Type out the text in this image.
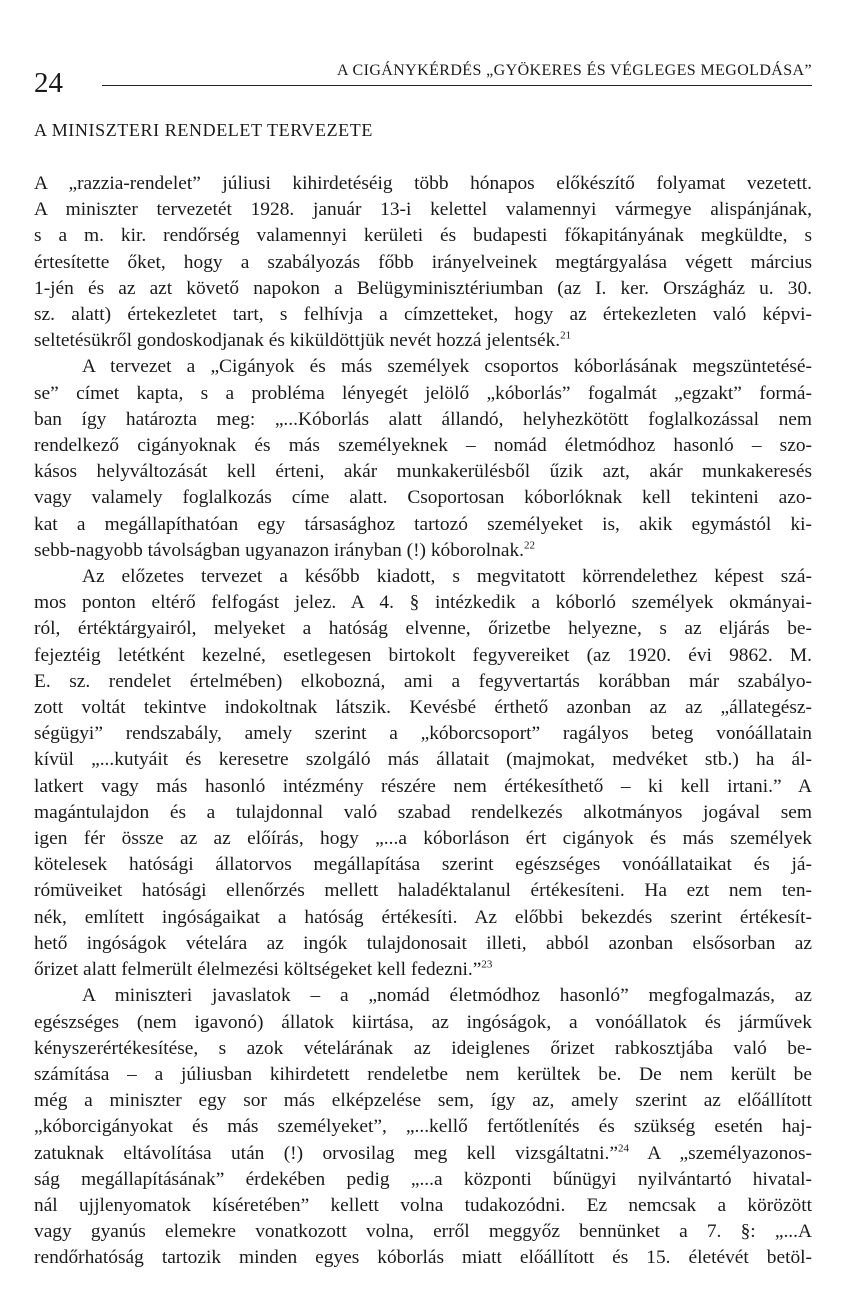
24	A CIGÁNYKÉRDÉS „GYÖKERES ÉS VÉGLEGES MEGOLDÁSA”
A MINISZTERI RENDELET TERVEZETE

A „razzia-rendelet” júliusi kihirdetéséig több hónapos előkészítő folyamat vezetett.
A miniszter tervezetét 1928. január 13-i kelettel valamennyi vármegye alispánjának,
s a m. kir. rendőrség valamennyi kerületi és budapesti főkapitányának megküldte, s
értesítette őket, hogy a szabályozás főbb irányelveinek megtárgyalása végett március
1-jén és az azt követő napokon a Belügyminisztériumban (az I. ker. Országház u. 30.
sz. alatt) értekezletet tart, s felhívja a címzetteket, hogy az értekezleten való képvi-
seltetésükről gondoskodjanak és kiküldöttjük nevét hozzá jelentsék.$^{21}$

A tervezet a „Cigányok és más személyek csoportos kóborlásának megszüntetésé-
se” címet kapta, s a probléma lényegét jelölő „kóborlás” fogalmát „egzakt” formá-
ban így határozta meg: „...Kóborlás alatt állandó, helyhezkötött foglalkozással nem
rendelkező cigányoknak és más személyeknek – nomád életmódhoz hasonló – szo-
kásos helyváltozását kell érteni, akár munkakerülésből űzik azt, akár munkakeresés
vagy valamely foglalkozás címe alatt. Csoportosan kóborlóknak kell tekinteni azo-
kat a megállapíthatóan egy társasághoz tartozó személyeket is, akik egymástól ki-
sebb-nagyobb távolságban ugyanazon irányban (!) kóborolnak.$^{22}$

Az előzetes tervezet a később kiadott, s megvitatott körrendelethez képest szá-
mos ponton eltérő felfogást jelez. A 4. § intézkedik a kóborló személyek okmányai-
ról, értéktárgyairól, melyeket a hatóság elvenne, őrizetbe helyezne, s az eljárás be-
fejeztéig letétként kezelné, esetlegesen birtokolt fegyvereiket (az 1920. évi 9862. M.
E. sz. rendelet értelmében) elkobozná, ami a fegyvertartás korábban már szabályo-
zott voltát tekintve indokoltnak látszik. Kevésbé érthető azonban az az „állategész-
ségügyi” rendszabály, amely szerint a „kóborcsoport” ragályos beteg vonóállatain
kívül „...kutyáit és keresetre szolgáló más állatait (majmokat, medvéket stb.) ha ál-
latkert vagy más hasonló intézmény részére nem értékesíthető – ki kell irtani.” A
magántulajdon és a tulajdonnal való szabad rendelkezés alkotmányos jogával sem
igen fér össze az az előírás, hogy „...a kóborláson ért cigányok és más személyek
kötelesek hatósági állatorvos megállapítása szerint egészséges vonóállataikat és já-
rómüveiket hatósági ellenőrzés mellett haladéktalanul értékesíteni. Ha ezt nem ten-
nék, említett ingóságaikat a hatóság értékesíti. Az előbbi bekezdés szerint értékesít-
hető ingóságok vételára az ingók tulajdonosait illeti, abból azonban elsősorban az
őrizet alatt felmerült élelmezési költségeket kell fedezni.”$^{23}$

A miniszteri javaslatok – a „nomád életmódhoz hasonló” megfogalmazás, az
egészséges (nem igavonó) állatok kiirtása, az ingóságok, a vonóállatok és járművek
kényszerértékesítése, s azok vételárának az ideiglenes őrizet rabkosztjába való be-
számítása – a júliusban kihirdetett rendeletbe nem kerültek be. De nem került be
még a miniszter egy sor más elképzelése sem, így az, amely szerint az előállított
„kóborcigányokat és más személyeket”, „...kellő fertőtlenítés és szükség esetén haj-
zatuknak eltávolítása után (!) orvosilag meg kell vizsgáltatni.”$^{24}$ A „személyazonos-
ság megállapításának” érdekében pedig „...a központi bűnügyi nyilvántartó hivatal-
nál ujjlenyomatok kíséretében” kellett volna tudakozódni. Ez nemcsak a körözött
vagy gyanús elemekre vonatkozott volna, erről meggyőz bennünket a 7. §: „...A
rendőrhatóság tartozik minden egyes kóborlás miatt előállított és 15. életévét betöl-
